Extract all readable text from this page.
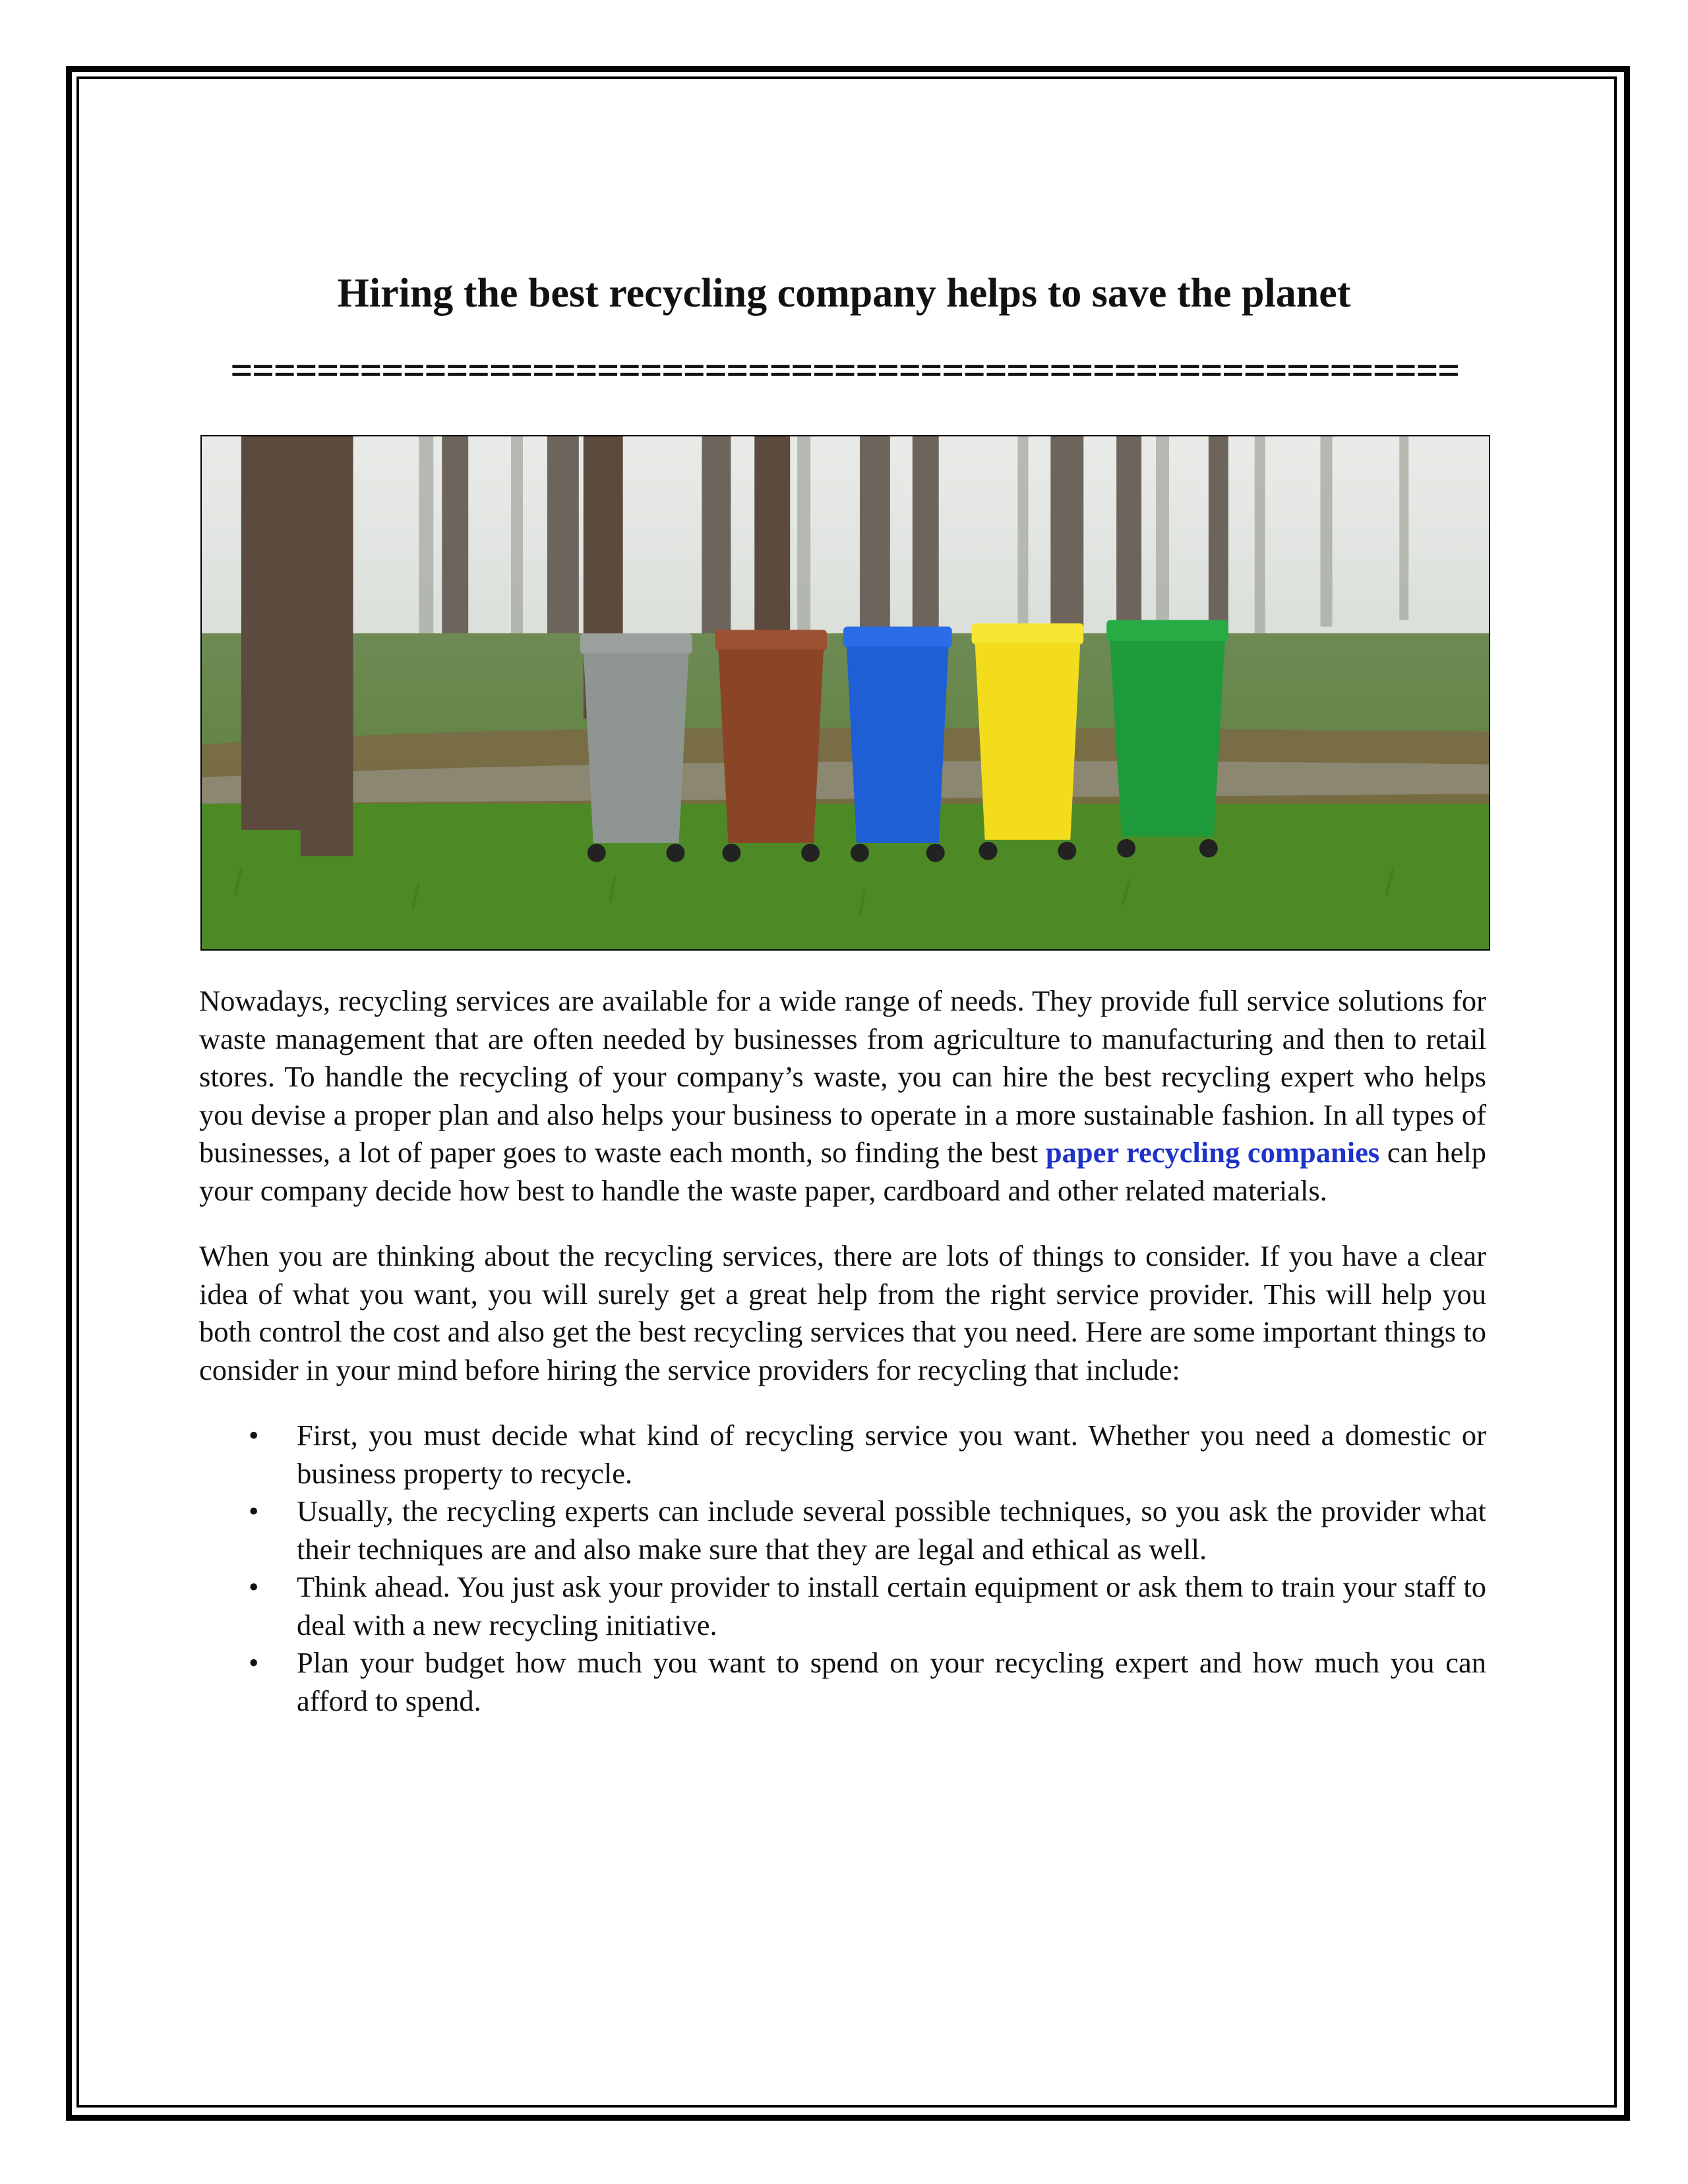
Hiring the best recycling company helps to save the planet
=========================================================

Nowadays, recycling services are available for a wide range of needs. They provide full service solutions for waste management that are often needed by businesses from agriculture to manufacturing and then to retail stores. To handle the recycling of your company’s waste, you can hire the best recycling expert who helps you devise a proper plan and also helps your business to operate in a more sustainable fashion. In all types of businesses, a lot of paper goes to waste each month, so finding the best paper recycling companies can help your company decide how best to handle the waste paper, cardboard and other related materials.

When you are thinking about the recycling services, there are lots of things to consider. If you have a clear idea of what you want, you will surely get a great help from the right service provider. This will help you both control the cost and also get the best recycling services that you need. Here are some important things to consider in your mind before hiring the service providers for recycling that include:

• First, you must decide what kind of recycling service you want. Whether you need a domestic or business property to recycle.
• Usually, the recycling experts can include several possible techniques, so you ask the provider what their techniques are and also make sure that they are legal and ethical as well.
• Think ahead. You just ask your provider to install certain equipment or ask them to train your staff to deal with a new recycling initiative.
• Plan your budget how much you want to spend on your recycling expert and how much you can afford to spend.
